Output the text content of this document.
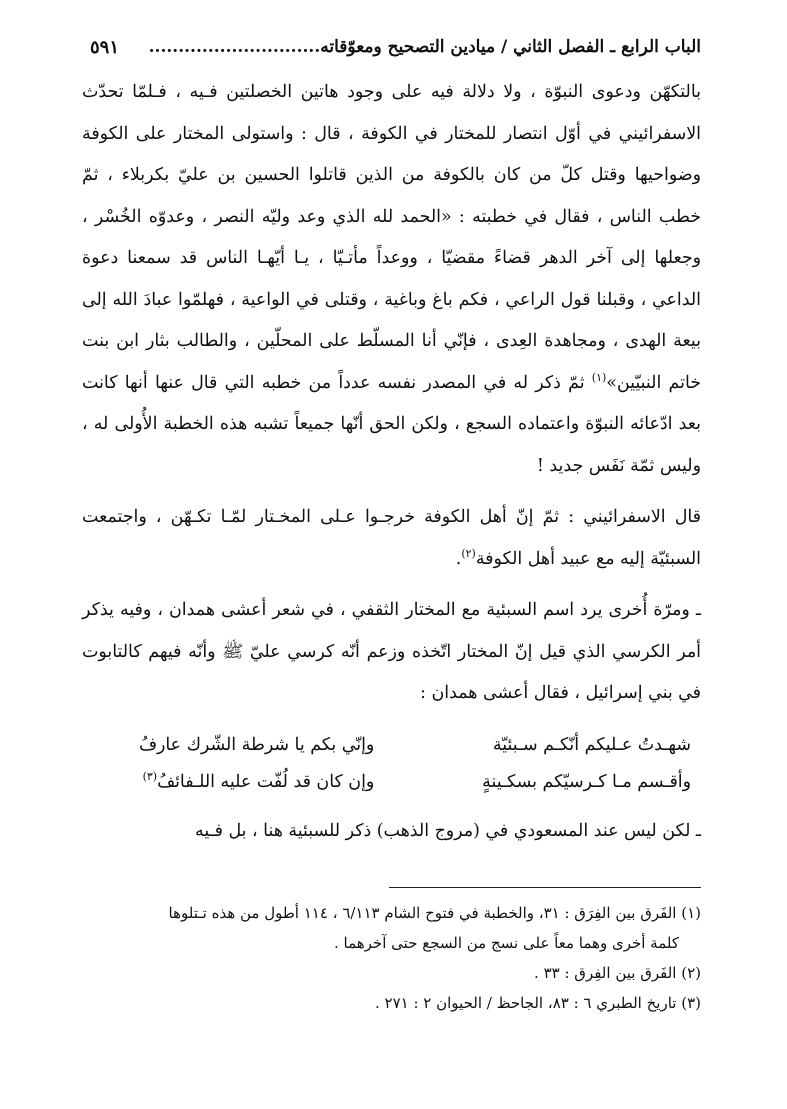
الباب الرابع ـ الفصل الثاني / ميادين التصحيح ومعوّقاته.............................
٥٩١

بالتكهّن ودعوى النبوّة ، ولا دلالة فيه على وجود هاتين الخصلتين فـيه ، فـلمّا تحدّث الاسفرائيني في أوّل انتصار للمختار في الكوفة ، قال : واستولى المختار على الكوفة وضواحيها وقتل كلّ من كان بالكوفة من الذين قاتلوا الحسين بن عليّ بكربلاء ، ثمّ خطب الناس ، فقال في خطبته : «الحمد لله الذي وعد وليّه النصر ، وعدوّه الخُسْر ، وجعلها إلى آخر الدهر قضاءً مقضيّا ، ووعداً مأتـيّا ، يـا أيّهـا الناس قد سمعنا دعوة الداعي ، وقبلنا قول الراعي ، فكم باغ وباغية ، وقتلى في الواعية ، فهلمّوا عبادَ الله إلى بيعة الهدى ، ومجاهدة العِدى ، فإنّي أنا المسلّط على المحلّين ، والطالب بثار ابن بنت خاتم النبيّين»$^{(١)}$ ثمّ ذكر له في المصدر نفسه عدداً من خطبه التي قال عنها أنها كانت بعد ادّعائه النبوّة واعتماده السجع ، ولكن الحق أنّها جميعاً تشبه هذه الخطبة الأُولى له ، وليس ثمّة نَفَس جديد !

قال الاسفرائيني : ثمّ إنّ أهل الكوفة خرجـوا عـلى المخـتار لمّـا تكـهّن ، واجتمعت السبئيّة إليه مع عبيد أهل الكوفة$^{(٢)}$.

ـ ومرّة أُخرى يرد اسم السبئية مع المختار الثقفي ، في شعر أعشى همدان ، وفيه يذكر أمر الكرسي الذي قيل إنّ المختار اتّخذه وزعم أنّه كرسي عليّ ﷺ وأنّه فيهم كالتابوت في بني إسرائيل ، فقال أعشى همدان :

شهـدتُ عـليكم أنّكـم سـبئيّة
وإنّي بكم يا شرطة الشّرك عارفُ
وأقـسم مـا كـرسيّكم بسكـينةٍ
وإن كان قد لُفّت عليه اللـفائفُ$^{(٣)}$

ـ لكن ليس عند المسعودي في (مروج الذهب) ذكر للسبئية هنا ، بل فـيه

(١) الفَرق بين الفِرَق : ٣١، والخطبة في فتوح الشام ٦/١١٣ ، ١١٤ أطول من هذه تـتلوها

كلمة أخرى وهما معاً على نسج من السجع حتى آخرهما .

(٢) الفَرق بين الفِرق : ٣٣ .

(٣) تاريخ الطبري ٦ : ٨٣، الجاحظ / الحيوان ٢ : ٢٧١ .
